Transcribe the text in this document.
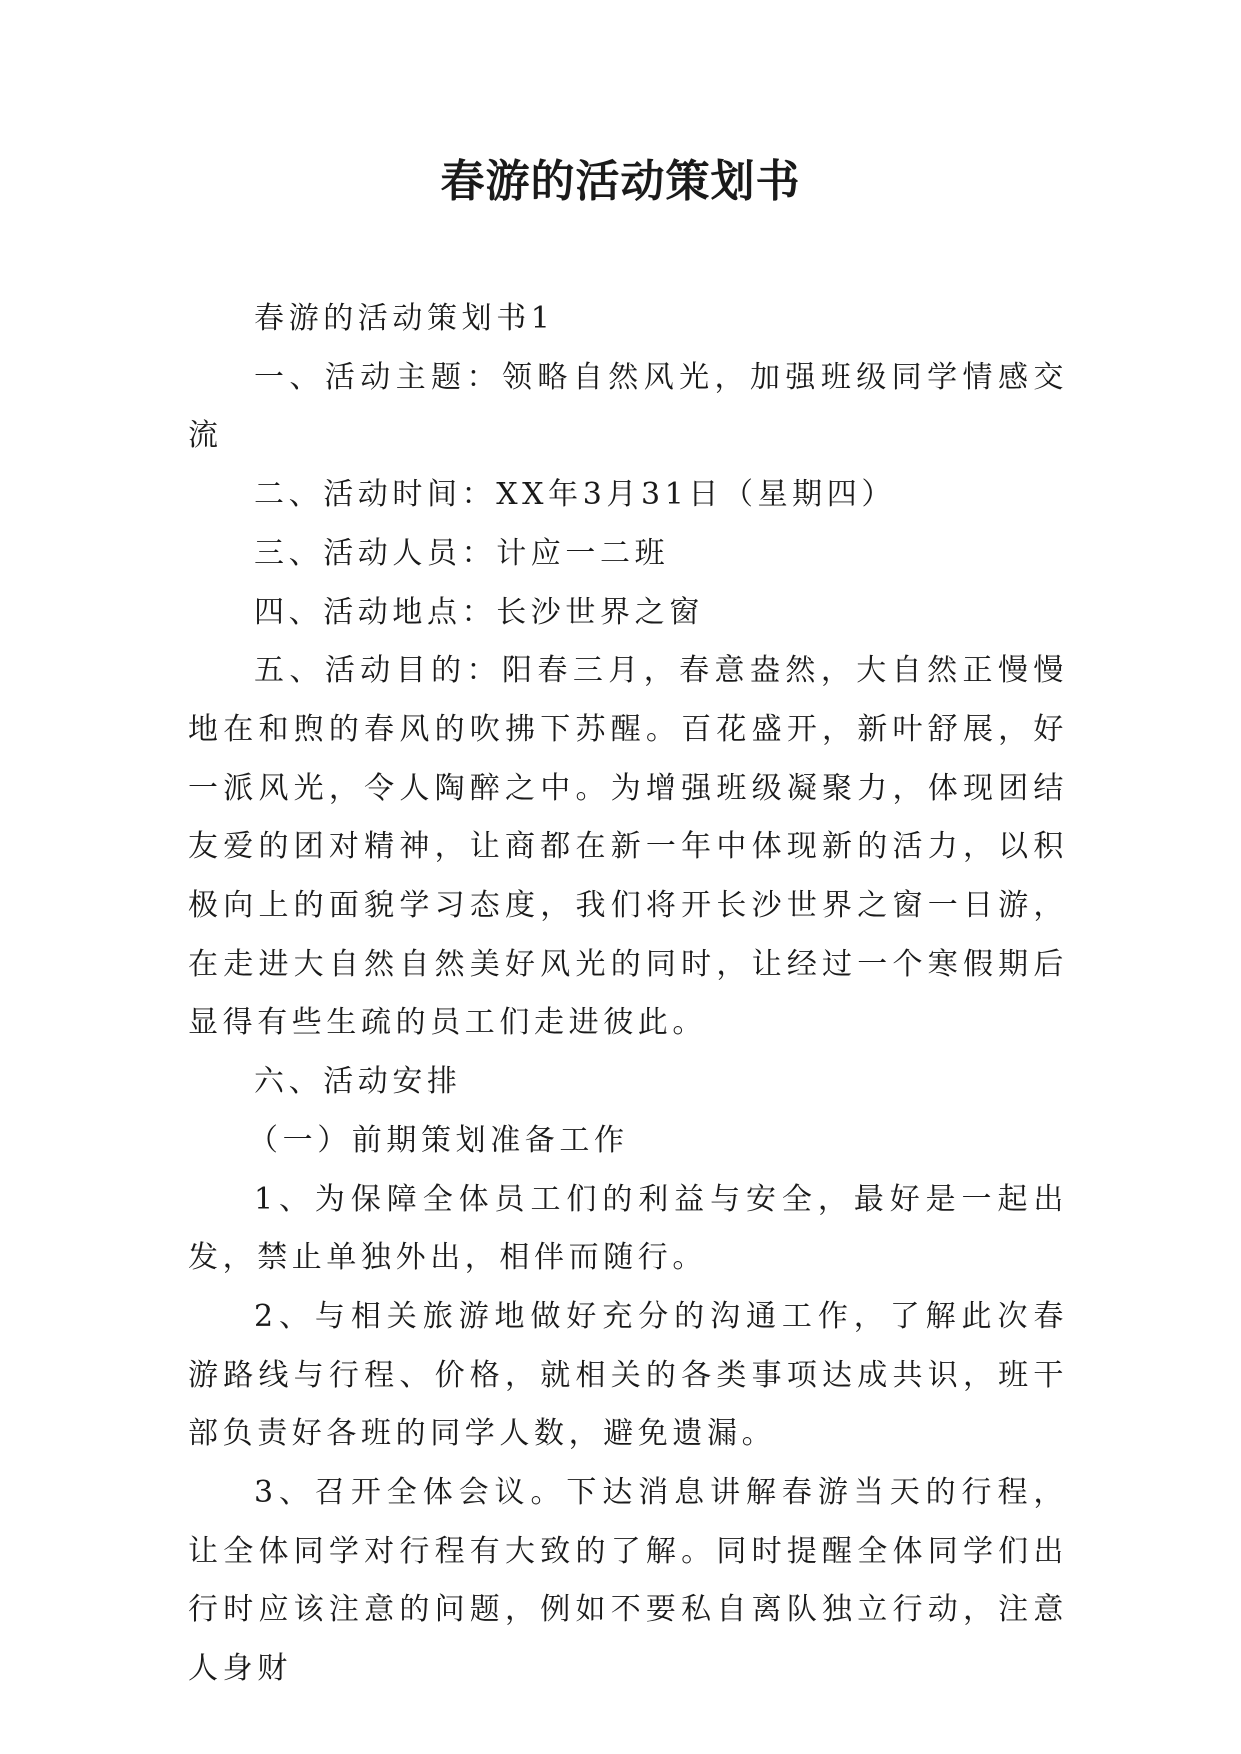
春游的活动策划书

春游的活动策划书1

一、活动主题：领略自然风光，加强班级同学情感交流

二、活动时间：XX年3月31日（星期四）

三、活动人员：计应一二班

四、活动地点：长沙世界之窗

五、活动目的：阳春三月，春意盎然，大自然正慢慢地在和煦的春风的吹拂下苏醒。百花盛开，新叶舒展，好一派风光，令人陶醉之中。为增强班级凝聚力，体现团结友爱的团对精神，让商都在新一年中体现新的活力，以积极向上的面貌学习态度，我们将开长沙世界之窗一日游，在走进大自然自然美好风光的同时，让经过一个寒假期后显得有些生疏的员工们走进彼此。

六、活动安排

（一）前期策划准备工作

1、为保障全体员工们的利益与安全，最好是一起出发，禁止单独外出，相伴而随行。

2、与相关旅游地做好充分的沟通工作，了解此次春游路线与行程、价格，就相关的各类事项达成共识，班干部负责好各班的同学人数，避免遗漏。

3、召开全体会议。下达消息讲解春游当天的行程，让全体同学对行程有大致的了解。同时提醒全体同学们出行时应该注意的问题，例如不要私自离队独立行动，注意人身财
